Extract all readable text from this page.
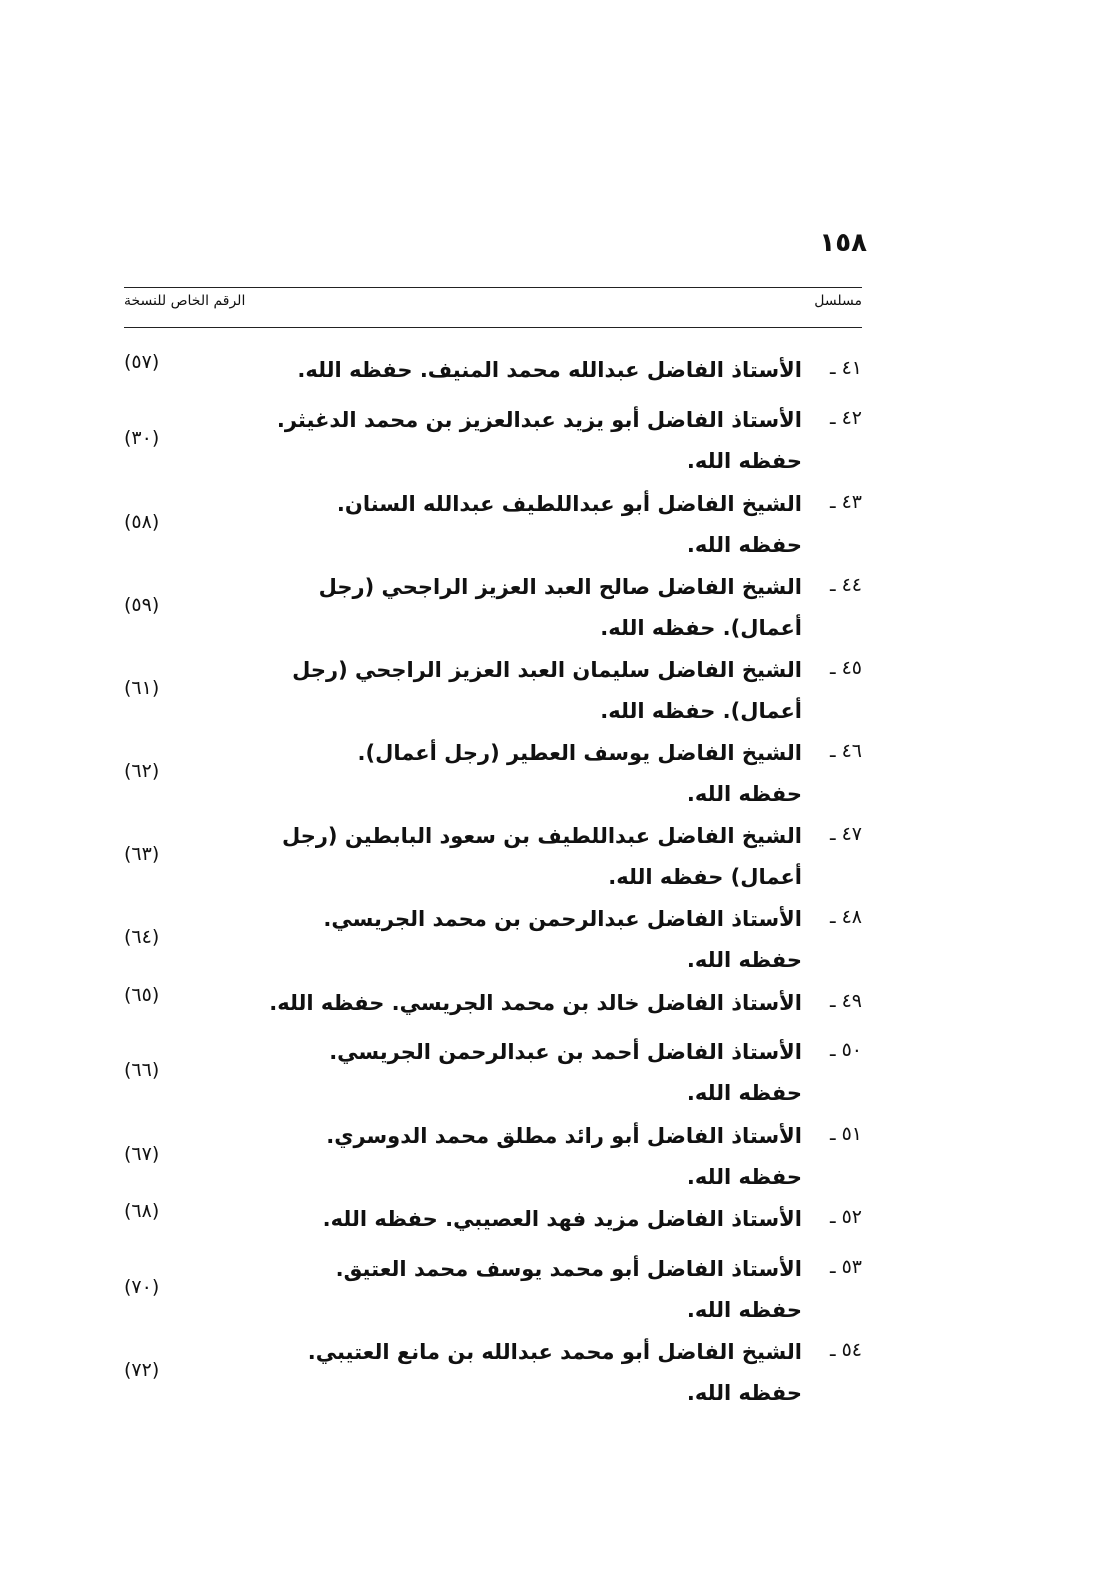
١٥٨
مسلسل
الرقم الخاص للنسخة
٤١ ـ
الأستاذ الفاضل عبدالله محمد المنيف. حفظه الله.
(٥٧)
٤٢ ـ
الأستاذ الفاضل أبو يزيد عبدالعزيز بن محمد الدغيثر.
حفظه الله.
(٣٠)
٤٣ ـ
الشيخ الفاضل أبو عبداللطيف عبدالله السنان.
حفظه الله.
(٥٨)
٤٤ ـ
الشيخ الفاضل صالح العبد العزيز الراجحي (رجل
أعمال). حفظه الله.
(٥٩)
٤٥ ـ
الشيخ الفاضل سليمان العبد العزيز الراجحي (رجل
أعمال). حفظه الله.
(٦١)
٤٦ ـ
الشيخ الفاضل يوسف العطير (رجل أعمال).
حفظه الله.
(٦٢)
٤٧ ـ
الشيخ الفاضل عبداللطيف بن سعود البابطين (رجل
أعمال) حفظه الله.
(٦٣)
٤٨ ـ
الأستاذ الفاضل عبدالرحمن بن محمد الجريسي.
حفظه الله.
(٦٤)
٤٩ ـ
الأستاذ الفاضل خالد بن محمد الجريسي. حفظه الله.
(٦٥)
٥٠ ـ
الأستاذ الفاضل أحمد بن عبدالرحمن الجريسي.
حفظه الله.
(٦٦)
٥١ ـ
الأستاذ الفاضل أبو رائد مطلق محمد الدوسري.
حفظه الله.
(٦٧)
٥٢ ـ
الأستاذ الفاضل مزيد فهد العصيبي. حفظه الله.
(٦٨)
٥٣ ـ
الأستاذ الفاضل أبو محمد يوسف محمد العتيق.
حفظه الله.
(٧٠)
٥٤ ـ
الشيخ الفاضل أبو محمد عبدالله بن مانع العتيبي.
حفظه الله.
(٧٢)
